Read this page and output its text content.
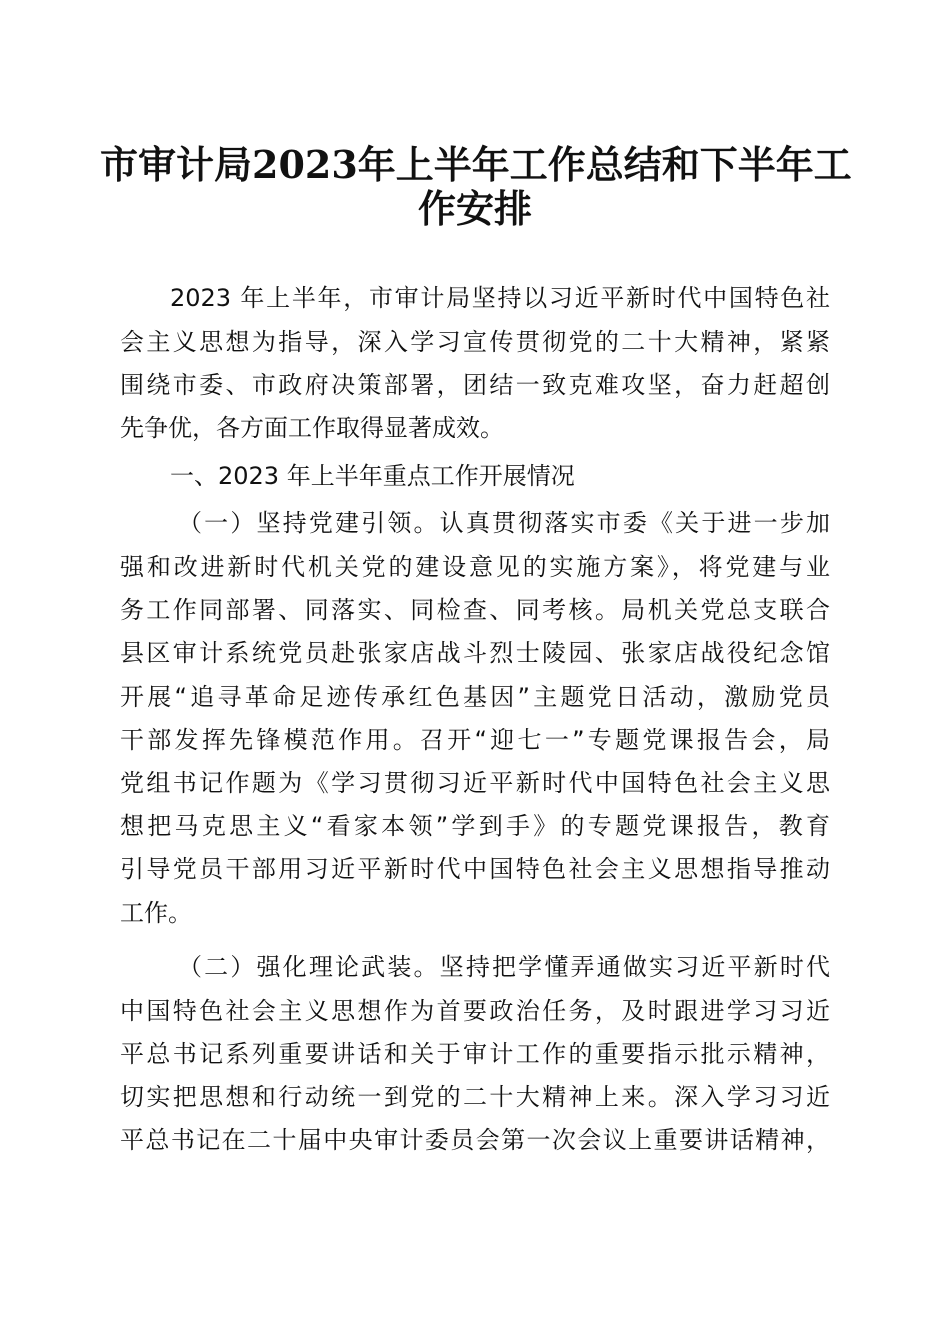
市审计局2023年上半年工作总结和下半年工
作安排
2023 年上半年，市审计局坚持以习近平新时代中国特色社
会主义思想为指导，深入学习宣传贯彻党的二十大精神，紧紧
围绕市委、市政府决策部署，团结一致克难攻坚，奋力赶超创
先争优，各方面工作取得显著成效。
一、2023 年上半年重点工作开展情况
（一）坚持党建引领。认真贯彻落实市委《关于进一步加
强和改进新时代机关党的建设意见的实施方案》，将党建与业
务工作同部署、同落实、同检查、同考核。局机关党总支联合
县区审计系统党员赴张家店战斗烈士陵园、张家店战役纪念馆
开展“追寻革命足迹传承红色基因”主题党日活动，激励党员
干部发挥先锋模范作用。召开“迎七一”专题党课报告会，局
党组书记作题为《学习贯彻习近平新时代中国特色社会主义思
想把马克思主义“看家本领”学到手》的专题党课报告，教育
引导党员干部用习近平新时代中国特色社会主义思想指导推动
工作。
（二）强化理论武装。坚持把学懂弄通做实习近平新时代
中国特色社会主义思想作为首要政治任务，及时跟进学习习近
平总书记系列重要讲话和关于审计工作的重要指示批示精神，
切实把思想和行动统一到党的二十大精神上来。深入学习习近
平总书记在二十届中央审计委员会第一次会议上重要讲话精神，
